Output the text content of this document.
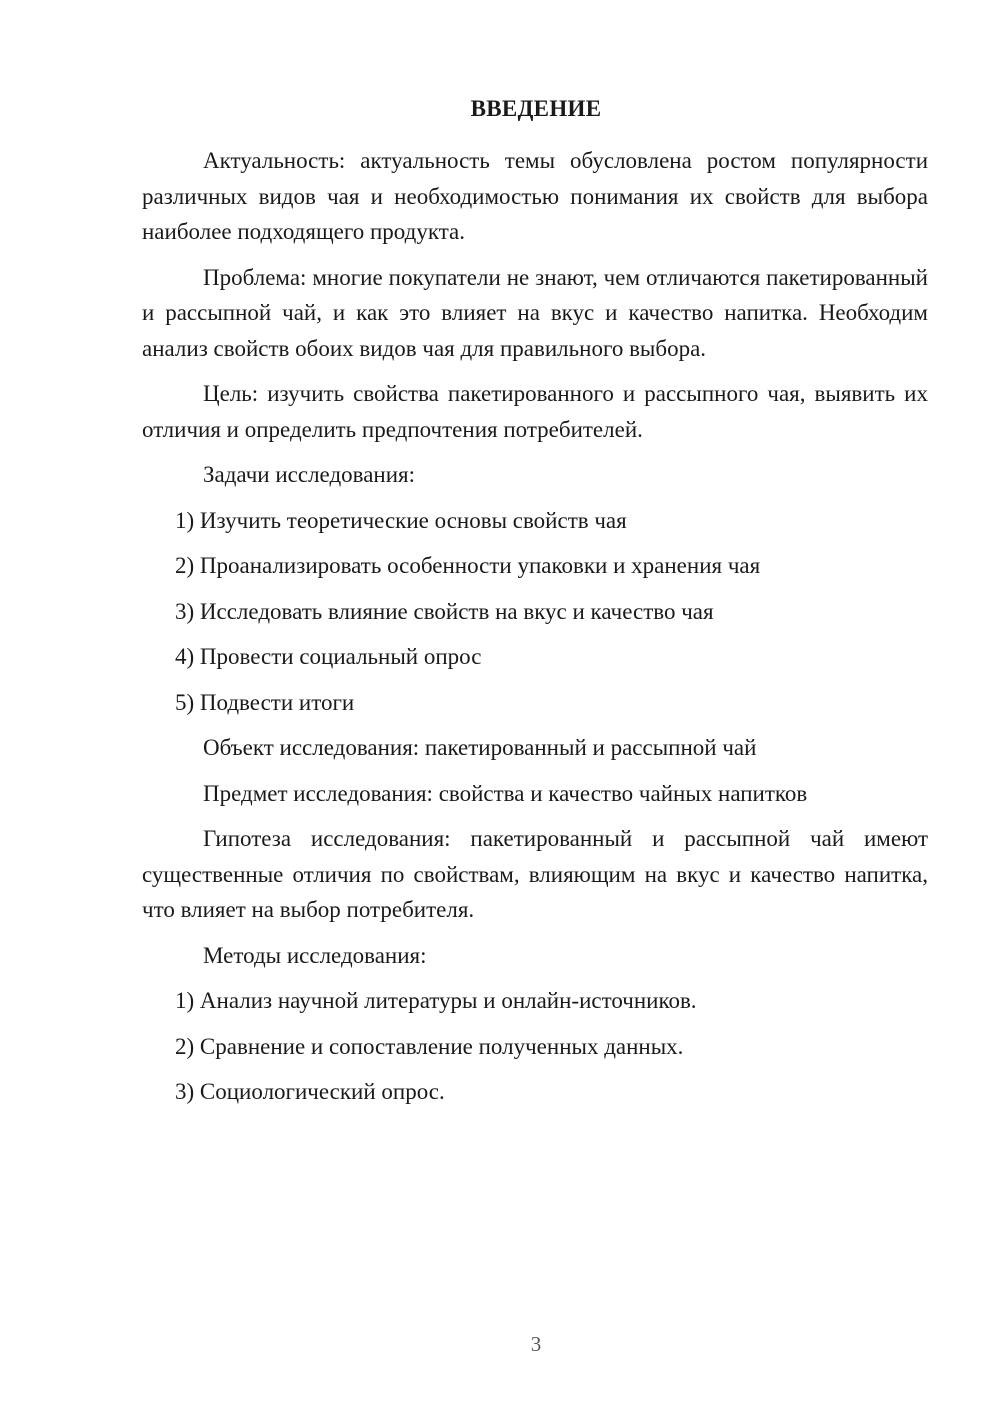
ВВЕДЕНИЕ

Актуальность: актуальность темы обусловлена ростом популярности различных видов чая и необходимостью понимания их свойств для выбора наиболее подходящего продукта.

Проблема: многие покупатели не знают, чем отличаются пакетированный и рассыпной чай, и как это влияет на вкус и качество напитка. Необходим анализ свойств обоих видов чая для правильного выбора.

Цель: изучить свойства пакетированного и рассыпного чая, выявить их отличия и определить предпочтения потребителей.

Задачи исследования:

1) Изучить теоретические основы свойств чая

2) Проанализировать особенности упаковки и хранения чая

3) Исследовать влияние свойств на вкус и качество чая

4) Провести социальный опрос

5) Подвести итоги

Объект исследования: пакетированный и рассыпной чай

Предмет исследования: свойства и качество чайных напитков

Гипотеза исследования: пакетированный и рассыпной чай имеют существенные отличия по свойствам, влияющим на вкус и качество напитка, что влияет на выбор потребителя.

Методы исследования:

1) Анализ научной литературы и онлайн-источников.

2) Сравнение и сопоставление полученных данных.

3) Социологический опрос.

3
